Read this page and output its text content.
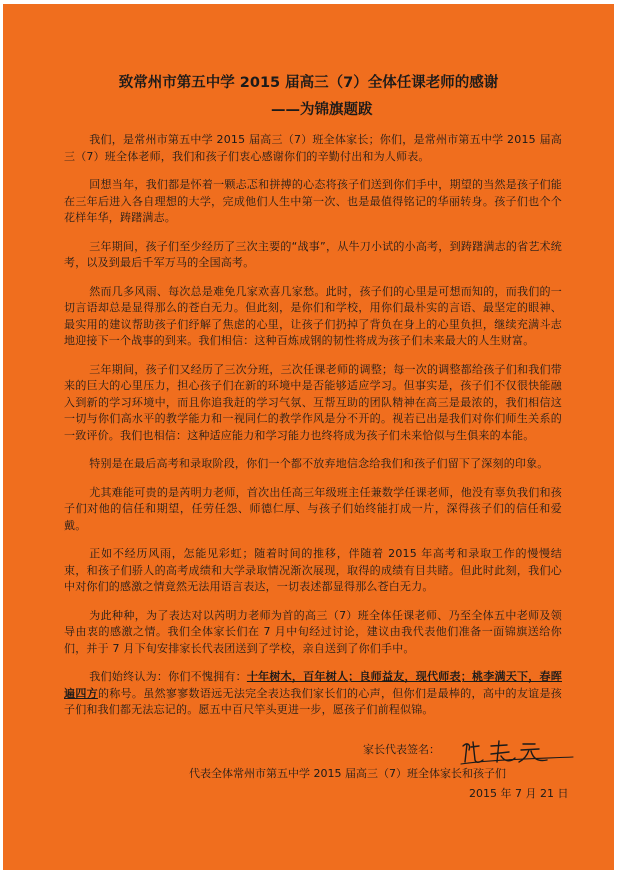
致常州市第五中学 2015 届高三（7）全体任课老师的感谢
——为锦旗题跋

我们，是常州市第五中学 2015 届高三（7）班全体家长；你们，是常州市第五中学 2015 届高三（7）班全体老师，我们和孩子们衷心感谢你们的辛勤付出和为人师表。

回想当年，我们都是怀着一颗忐忑和拼搏的心态将孩子们送到你们手中，期望的当然是孩子们能在三年后进入各自理想的大学，完成他们人生中第一次、也是最值得铭记的华丽转身。孩子们也个个花样年华，踌躇满志。

三年期间，孩子们至少经历了三次主要的“战事”，从牛刀小试的小高考，到踌躇满志的省艺术统考，以及到最后千军万马的全国高考。

然而几多风雨、每次总是难免几家欢喜几家愁。此时，孩子们的心里是可想而知的，而我们的一切言语却总是显得那么的苍白无力。但此刻，是你们和学校，用你们最朴实的言语、最坚定的眼神、最实用的建议帮助孩子们纾解了焦虑的心里，让孩子们扔掉了背负在身上的心里负担，继续充满斗志地迎接下一个战事的到来。我们相信：这种百炼成钢的韧性将成为孩子们未来最大的人生财富。

三年期间，孩子们又经历了三次分班，三次任课老师的调整；每一次的调整都给孩子们和我们带来的巨大的心里压力，担心孩子们在新的环境中是否能够适应学习。但事实是，孩子们不仅很快能融入到新的学习环境中，而且你追我赶的学习气氛、互帮互助的团队精神在高三是最浓的，我们相信这一切与你们高水平的教学能力和一视同仁的教学作风是分不开的。视若已出是我们对你们师生关系的一致评价。我们也相信：这种适应能力和学习能力也终将成为孩子们未来恰似与生俱来的本能。

特别是在最后高考和录取阶段，你们一个都不放弃地信念给我们和孩子们留下了深刻的印象。

尤其难能可贵的是芮明力老师，首次出任高三年级班主任兼数学任课老师，他没有辜负我们和孩子们对他的信任和期望，任劳任怨、师德仁厚、与孩子们始终能打成一片，深得孩子们的信任和爱戴。

正如不经历风雨，怎能见彩虹；随着时间的推移，伴随着 2015 年高考和录取工作的慢慢结束，和孩子们骄人的高考成绩和大学录取情况渐次展现，取得的成绩有目共睹。但此时此刻，我们心中对你们的感激之情竟然无法用语言表达，一切表述都显得那么苍白无力。

为此种种，为了表达对以芮明力老师为首的高三（7）班全体任课老师、乃至全体五中老师及领导由衷的感激之情。我们全体家长们在 7 月中旬经过讨论，建议由我代表他们准备一面锦旗送给你们，并于 7 月下旬安排家长代表团送到了学校，亲自送到了你们手中。

我们始终认为：你们不愧拥有：十年树木，百年树人；良师益友，现代师表；桃李满天下，春晖遍四方的称号。虽然寥寥数语远无法完全表达我们家长们的心声，但你们是最棒的，高中的友谊是孩子们和我们都无法忘记的。愿五中百尺竿头更进一步，愿孩子们前程似锦。

家长代表签名：
代表全体常州市第五中学 2015 届高三（7）班全体家长和孩子们
2015 年 7 月 21 日
